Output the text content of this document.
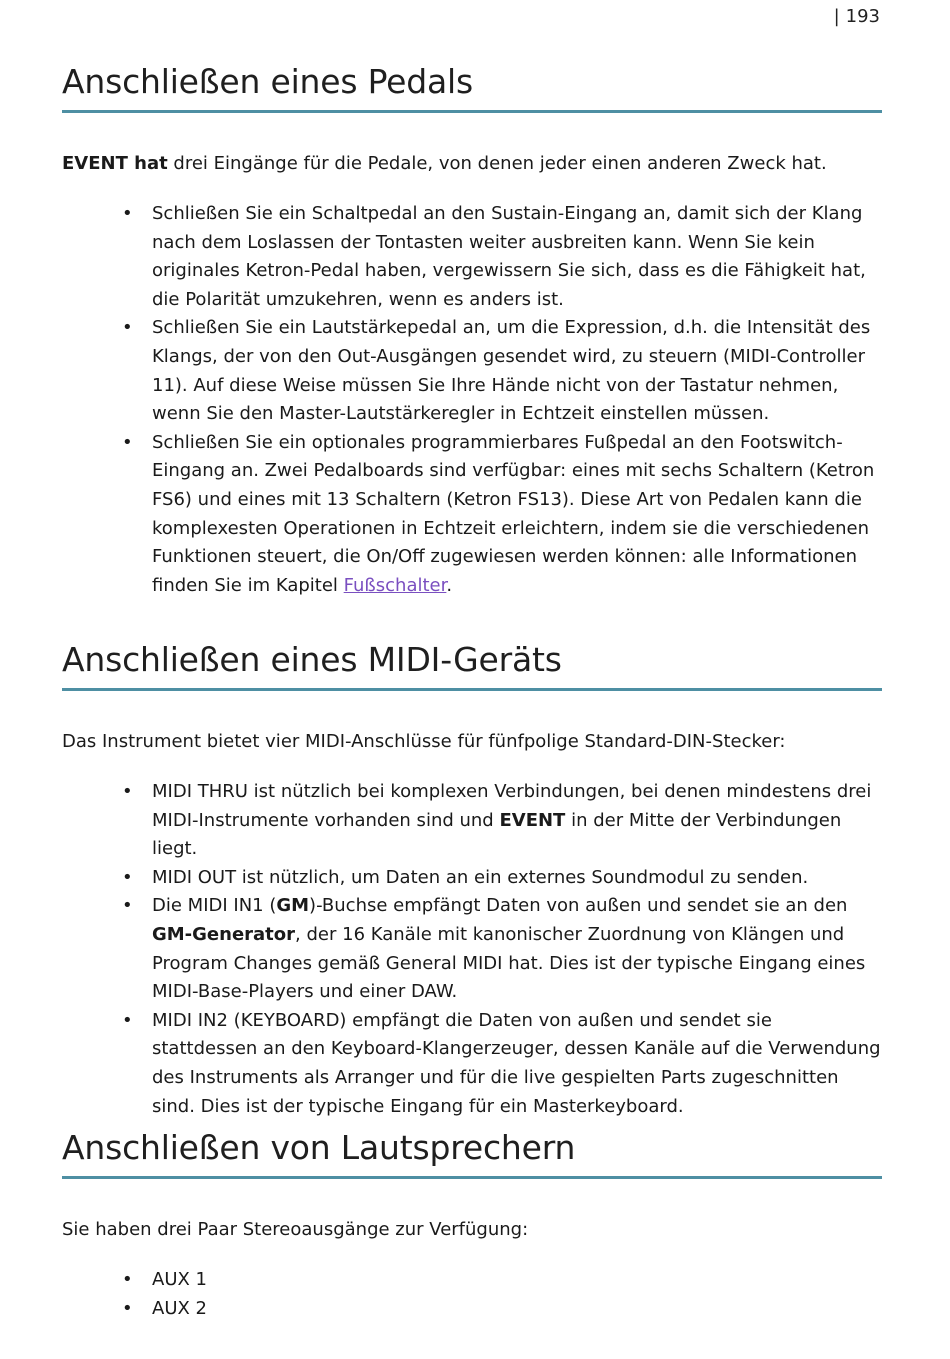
| 193
Anschließen eines Pedals

EVENT hat drei Eingänge für die Pedale, von denen jeder einen anderen Zweck hat.

• Schließen Sie ein Schaltpedal an den Sustain-Eingang an, damit sich der Klang nach dem Loslassen der Tontasten weiter ausbreiten kann. Wenn Sie kein originales Ketron-Pedal haben, vergewissern Sie sich, dass es die Fähigkeit hat, die Polarität umzukehren, wenn es anders ist.
• Schließen Sie ein Lautstärkepedal an, um die Expression, d.h. die Intensität des Klangs, der von den Out-Ausgängen gesendet wird, zu steuern (MIDI-Controller 11). Auf diese Weise müssen Sie Ihre Hände nicht von der Tastatur nehmen, wenn Sie den Master-Lautstärkeregler in Echtzeit einstellen müssen.
• Schließen Sie ein optionales programmierbares Fußpedal an den Footswitch-Eingang an. Zwei Pedalboards sind verfügbar: eines mit sechs Schaltern (Ketron FS6) und eines mit 13 Schaltern (Ketron FS13). Diese Art von Pedalen kann die komplexesten Operationen in Echtzeit erleichtern, indem sie die verschiedenen Funktionen steuert, die On/Off zugewiesen werden können: alle Informationen finden Sie im Kapitel Fußschalter.
Anschließen eines MIDI-Geräts

Das Instrument bietet vier MIDI-Anschlüsse für fünfpolige Standard-DIN-Stecker:

• MIDI THRU ist nützlich bei komplexen Verbindungen, bei denen mindestens drei MIDI-Instrumente vorhanden sind und EVENT in der Mitte der Verbindungen liegt.
• MIDI OUT ist nützlich, um Daten an ein externes Soundmodul zu senden.
• Die MIDI IN1 (GM)-Buchse empfängt Daten von außen und sendet sie an den GM-Generator, der 16 Kanäle mit kanonischer Zuordnung von Klängen und Program Changes gemäß General MIDI hat. Dies ist der typische Eingang eines MIDI-Base-Players und einer DAW.
• MIDI IN2 (KEYBOARD) empfängt die Daten von außen und sendet sie stattdessen an den Keyboard-Klangerzeuger, dessen Kanäle auf die Verwendung des Instruments als Arranger und für die live gespielten Parts zugeschnitten sind. Dies ist der typische Eingang für ein Masterkeyboard.
Anschließen von Lautsprechern

Sie haben drei Paar Stereoausgänge zur Verfügung:

• AUX 1
• AUX 2
